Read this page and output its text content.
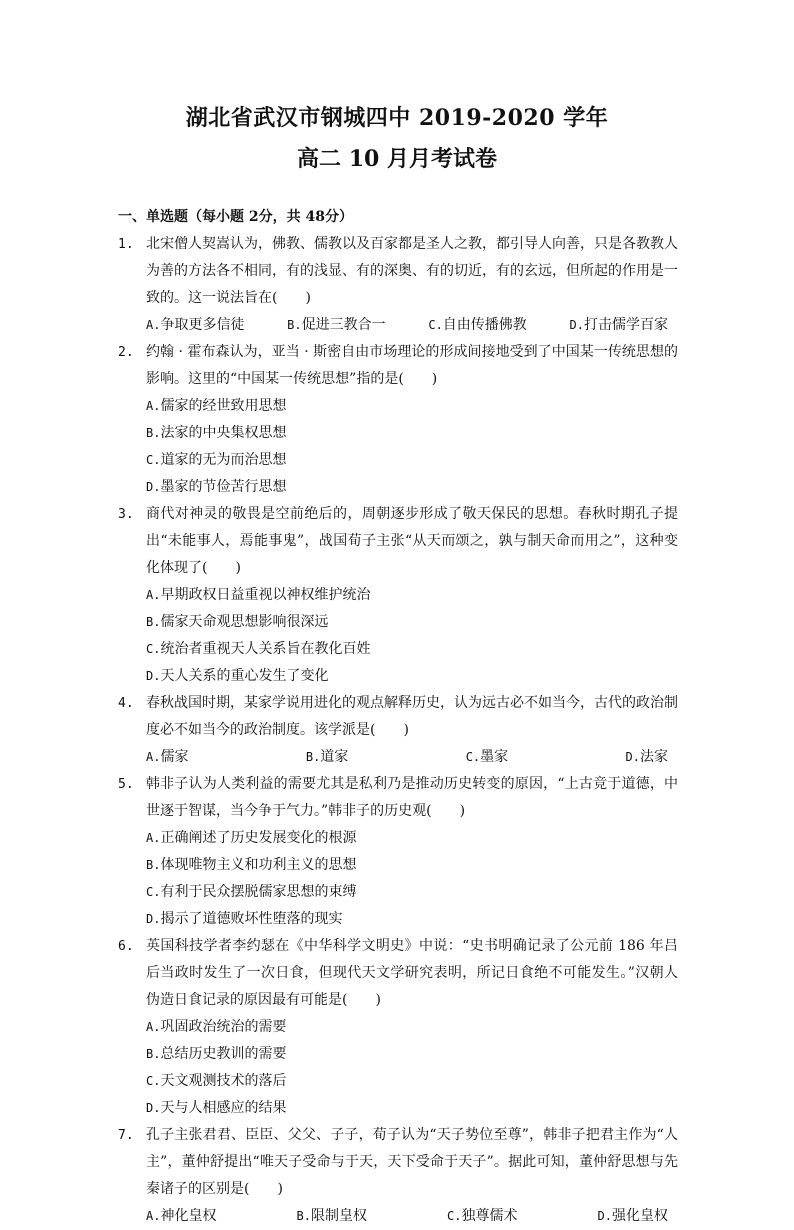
湖北省武汉市钢城四中 2019-2020 学年
高二 10 月月考试卷
一、单选题（每小题 2分，共 48分）
1. 北宋僧人契嵩认为，佛教、儒教以及百家都是圣人之教，都引导人向善，只是各教教人为善的方法各不相同，有的浅显、有的深奥、有的切近，有的玄远，但所起的作用是一致的。这一说法旨在(　　)
A.争取更多信徒	B.促进三教合一	C.自由传播佛教	D.打击儒学百家
2. 约翰 · 霍布森认为，亚当 · 斯密自由市场理论的形成间接地受到了中国某一传统思想的影响。这里的“中国某一传统思想”指的是(　　)
A.儒家的经世致用思想
B.法家的中央集权思想
C.道家的无为而治思想
D.墨家的节俭苦行思想
3. 商代对神灵的敬畏是空前绝后的，周朝逐步形成了敬天保民的思想。春秋时期孔子提出“未能事人，焉能事鬼”，战国荀子主张“从天而颂之，孰与制天命而用之”，这种变化体现了(　　)
A.早期政权日益重视以神权维护统治
B.儒家天命观思想影响很深远
C.统治者重视天人关系旨在教化百姓
D.天人关系的重心发生了变化
4. 春秋战国时期，某家学说用进化的观点解释历史，认为远古必不如当今，古代的政治制度必不如当今的政治制度。该学派是(　　)
A.儒家	B.道家	C.墨家	D.法家
5. 韩非子认为人类利益的需要尤其是私利乃是推动历史转变的原因，“上古竞于道德，中世逐于智谋，当今争于气力。”韩非子的历史观(　　)
A.正确阐述了历史发展变化的根源
B.体现唯物主义和功利主义的思想
C.有利于民众摆脱儒家思想的束缚
D.揭示了道德败坏性堕落的现实
6. 英国科技学者李约瑟在《中华科学文明史》中说：“史书明确记录了公元前 186 年吕后当政时发生了一次日食，但现代天文学研究表明，所记日食绝不可能发生。”汉朝人伪造日食记录的原因最有可能是(　　)
A.巩固政治统治的需要
B.总结历史教训的需要
C.天文观测技术的落后
D.天与人相感应的结果
7. 孔子主张君君、臣臣、父父、子子，荀子认为“天子势位至尊”，韩非子把君主作为“人主”，董仲舒提出“唯天子受命与于天，天下受命于天子”。据此可知，董仲舒思想与先秦诸子的区别是(　　)
A.神化皇权	B.限制皇权	C.独尊儒术	D.强化皇权
